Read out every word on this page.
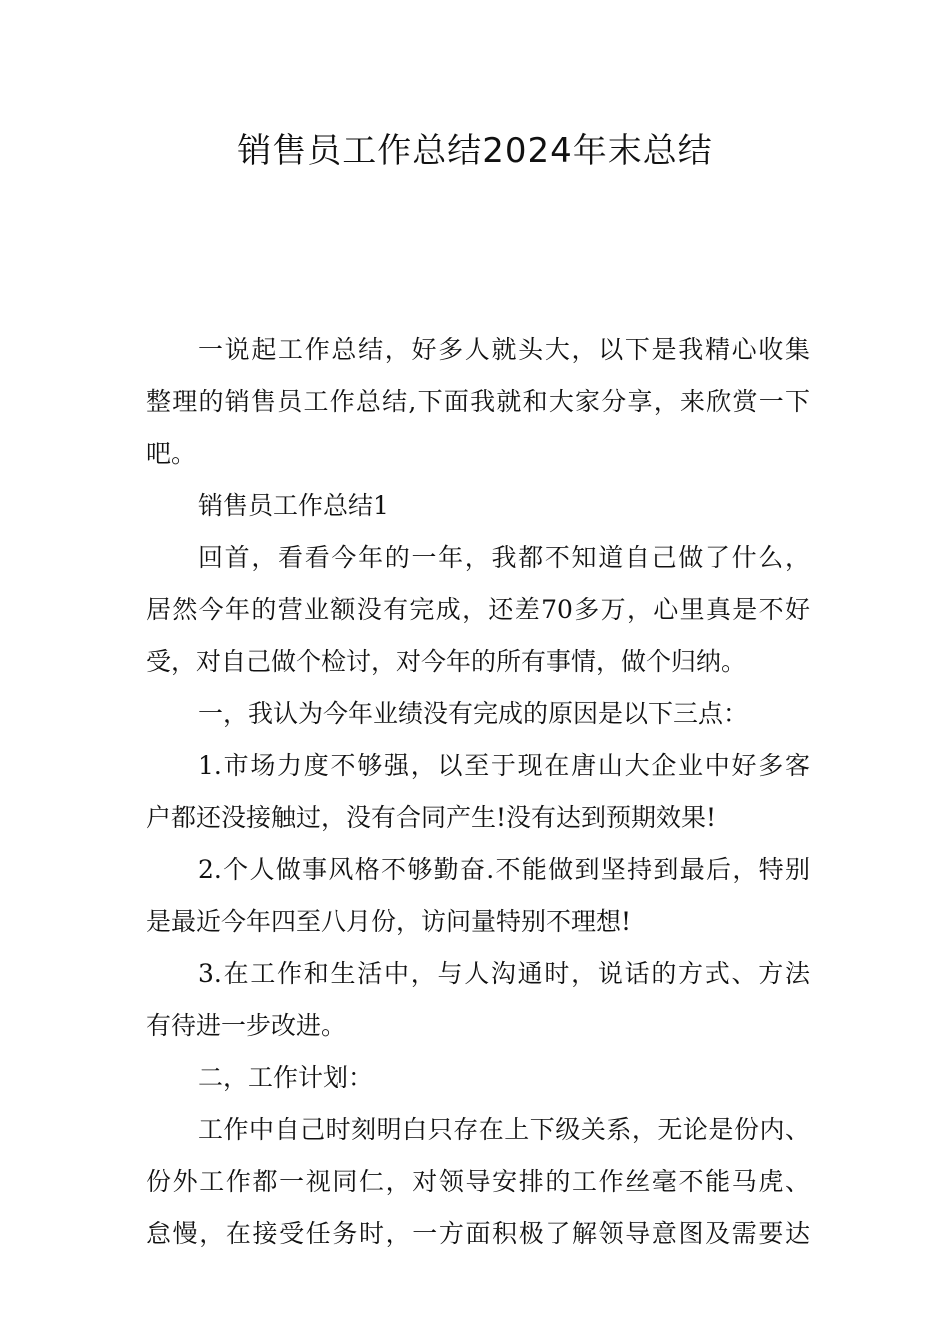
销售员工作总结2024年末总结
一说起工作总结，好多人就头大，以下是我精心收集
整理的销售员工作总结,下面我就和大家分享，来欣赏一下
吧。
销售员工作总结1
回首，看看今年的一年，我都不知道自己做了什么，
居然今年的营业额没有完成，还差70多万，心里真是不好
受，对自己做个检讨，对今年的所有事情，做个归纳。
一，我认为今年业绩没有完成的原因是以下三点：
1.市场力度不够强，以至于现在唐山大企业中好多客
户都还没接触过，没有合同产生!没有达到预期效果!
2.个人做事风格不够勤奋.不能做到坚持到最后，特别
是最近今年四至八月份，访问量特别不理想!
3.在工作和生活中，与人沟通时，说话的方式、方法
有待进一步改进。
二，工作计划：
工作中自己时刻明白只存在上下级关系，无论是份内、
份外工作都一视同仁，对领导安排的工作丝毫不能马虎、
怠慢，在接受任务时，一方面积极了解领导意图及需要达
